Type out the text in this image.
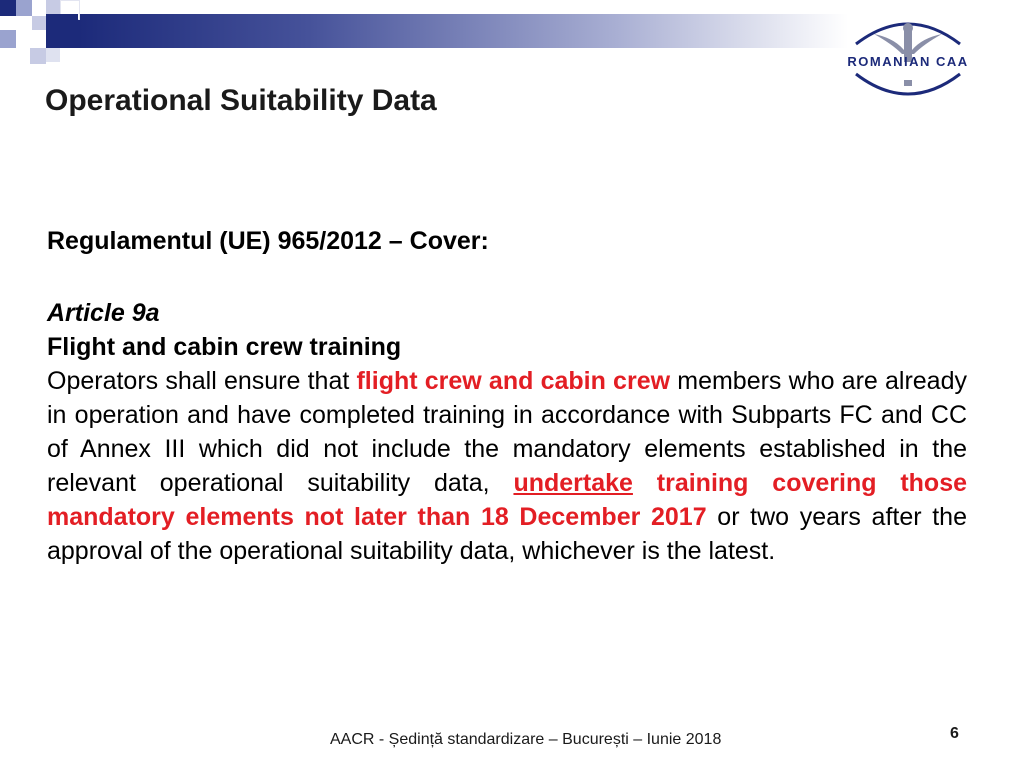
ROMANIAN CAA
Operational Suitability Data

Regulamentul (UE) 965/2012 – Cover:

Article 9a

Flight and cabin crew training

Operators shall ensure that flight crew and cabin crew members who are already in operation and have completed training in accordance with Subparts FC and CC of Annex III which did not include the mandatory elements established in the relevant operational suitability data, undertake training covering those mandatory elements not later than 18 December 2017 or two years after the approval of the operational suitability data, whichever is the latest.

AACR - Ședință standardizare – București – Iunie 2018	6
